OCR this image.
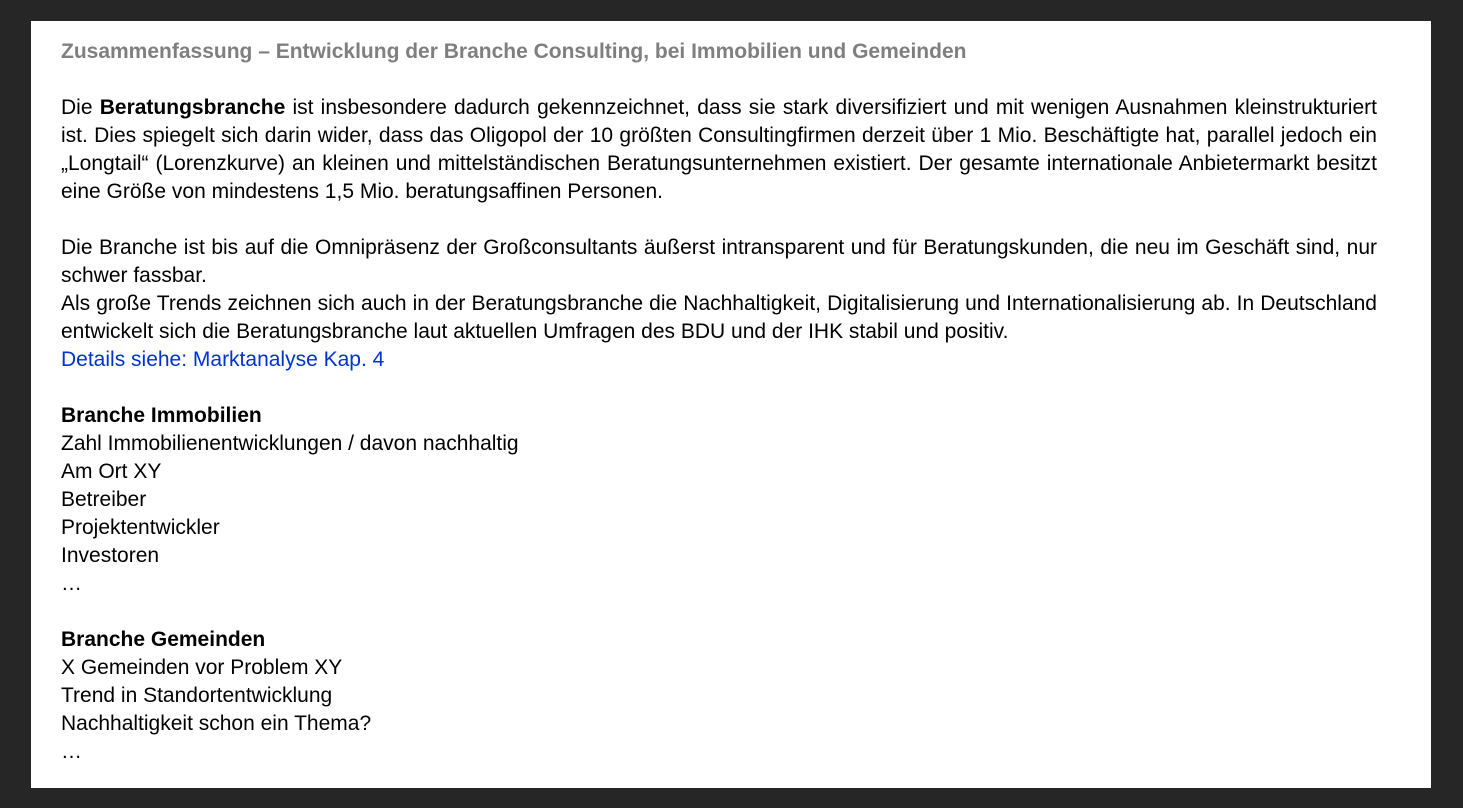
Zusammenfassung – Entwicklung der Branche Consulting, bei Immobilien und Gemeinden

Die Beratungsbranche ist insbesondere dadurch gekennzeichnet, dass sie stark diversifiziert und mit wenigen Ausnahmen kleinstrukturiert ist. Dies spiegelt sich darin wider, dass das Oligopol der 10 größten Consultingfirmen derzeit über 1 Mio. Beschäftigte hat, parallel jedoch ein „Longtail“ (Lorenzkurve) an kleinen und mittelständischen Beratungsunternehmen existiert. Der gesamte internationale Anbietermarkt besitzt eine Größe von mindestens 1,5 Mio. beratungsaffinen Personen.

Die Branche ist bis auf die Omnipräsenz der Großconsultants äußerst intransparent und für Beratungskunden, die neu im Geschäft sind, nur schwer fassbar.

Als große Trends zeichnen sich auch in der Beratungsbranche die Nachhaltigkeit, Digitalisierung und Internationalisierung ab. In Deutschland entwickelt sich die Beratungsbranche laut aktuellen Umfragen des BDU und der IHK stabil und positiv.

Details siehe: Marktanalyse Kap. 4

Branche Immobilien

Zahl Immobilienentwicklungen / davon nachhaltig

Am Ort XY

Betreiber

Projektentwickler

Investoren

…

Branche Gemeinden

X Gemeinden vor Problem XY

Trend in Standortentwicklung

Nachhaltigkeit schon ein Thema?

…
